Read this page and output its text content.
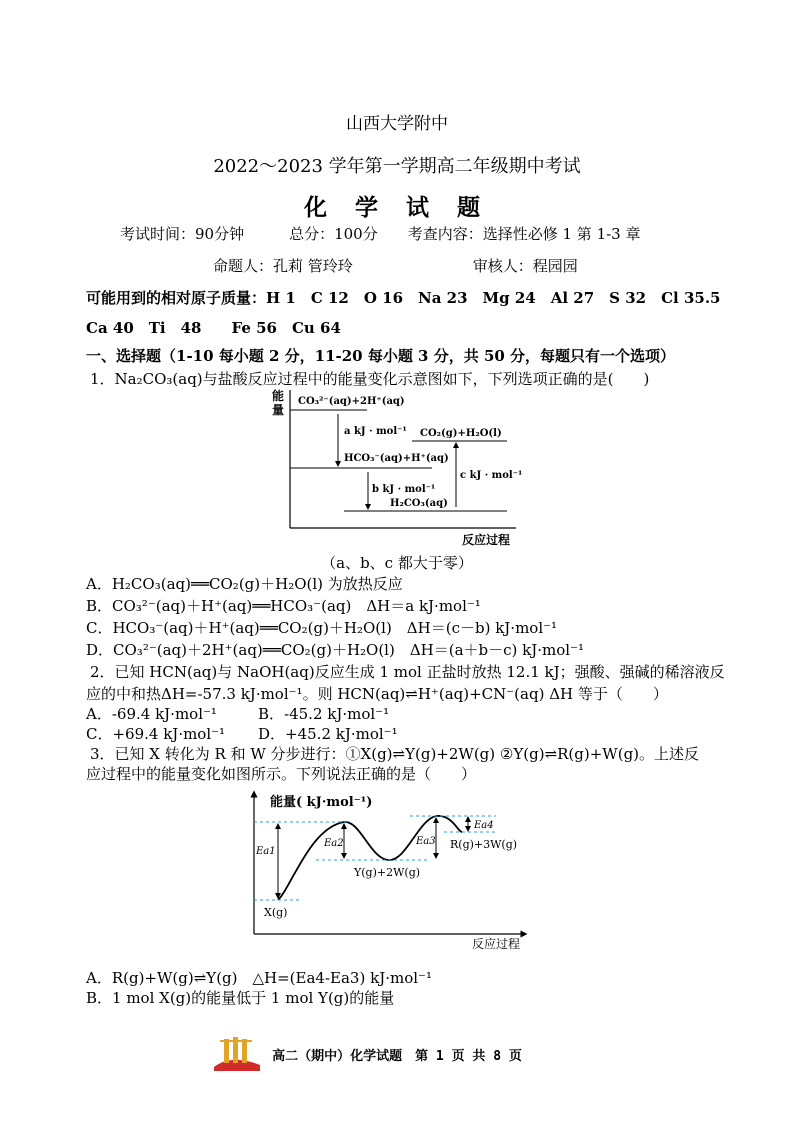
山西大学附中
2022～2023 学年第一学期高二年级期中考试
化 学 试 题
考试时间：90分钟　　　总分：100分　　考查内容：选择性必修 1 第 1-3 章
命题人：孔莉 管玲玲　　　　　　　　审核人：程园园
可能用到的相对原子质量：H 1　C 12　O 16　Na 23　Mg 24　Al 27　S 32　Cl 35.5
Ca 40　Ti　48　　Fe 56　Cu 64
一、选择题（1-10 每小题 2 分，11-20 每小题 3 分，共 50 分，每题只有一个选项）
1．Na₂CO₃(aq)与盐酸反应过程中的能量变化示意图如下，下列选项正确的是(　　)
能
量
CO₃²⁻(aq)+2H⁺(aq)
HCO₃⁻(aq)+H⁺(aq)
H₂CO₃(aq)
CO₂(g)+H₂O(l)
a kJ · mol⁻¹
b kJ · mol⁻¹
c kJ · mol⁻¹
反应过程
（a、b、c 都大于零）
A．H₂CO₃(aq)══CO₂(g)＋H₂O(l) 为放热反应
B．CO₃²⁻(aq)＋H⁺(aq)══HCO₃⁻(aq)　ΔH＝a kJ·mol⁻¹
C．HCO₃⁻(aq)＋H⁺(aq)══CO₂(g)＋H₂O(l)　ΔH＝(c－b) kJ·mol⁻¹
D．CO₃²⁻(aq)＋2H⁺(aq)══CO₂(g)＋H₂O(l)　ΔH＝(a＋b－c) kJ·mol⁻¹
2．已知 HCN(aq)与 NaOH(aq)反应生成 1 mol 正盐时放热 12.1 kJ；强酸、强碱的稀溶液反
应的中和热ΔH=-57.3 kJ·mol⁻¹。则 HCN(aq)⇌H⁺(aq)+CN⁻(aq) ΔH 等于（　　）
A．-69.4 kJ·mol⁻¹	B．-45.2 kJ·mol⁻¹
C．+69.4 kJ·mol⁻¹ D．+45.2 kJ·mol⁻¹
3．已知 X 转化为 R 和 W 分步进行：①X(g)⇌Y(g)+2W(g) ②Y(g)⇌R(g)+W(g)。上述反
应过程中的能量变化如图所示。下列说法正确的是（　　）
能量( kJ·mol⁻¹)
Ea1
Ea2	Ea3
Ea4
X(g)
Y(g)+2W(g)
R(g)+3W(g)
反应过程
A．R(g)+W(g)⇌Y(g)　△H=(Ea4-Ea3) kJ·mol⁻¹
B．1 mol X(g)的能量低于 1 mol Y(g)的能量
高二（期中）化学试题　第 1 页 共 8 页
